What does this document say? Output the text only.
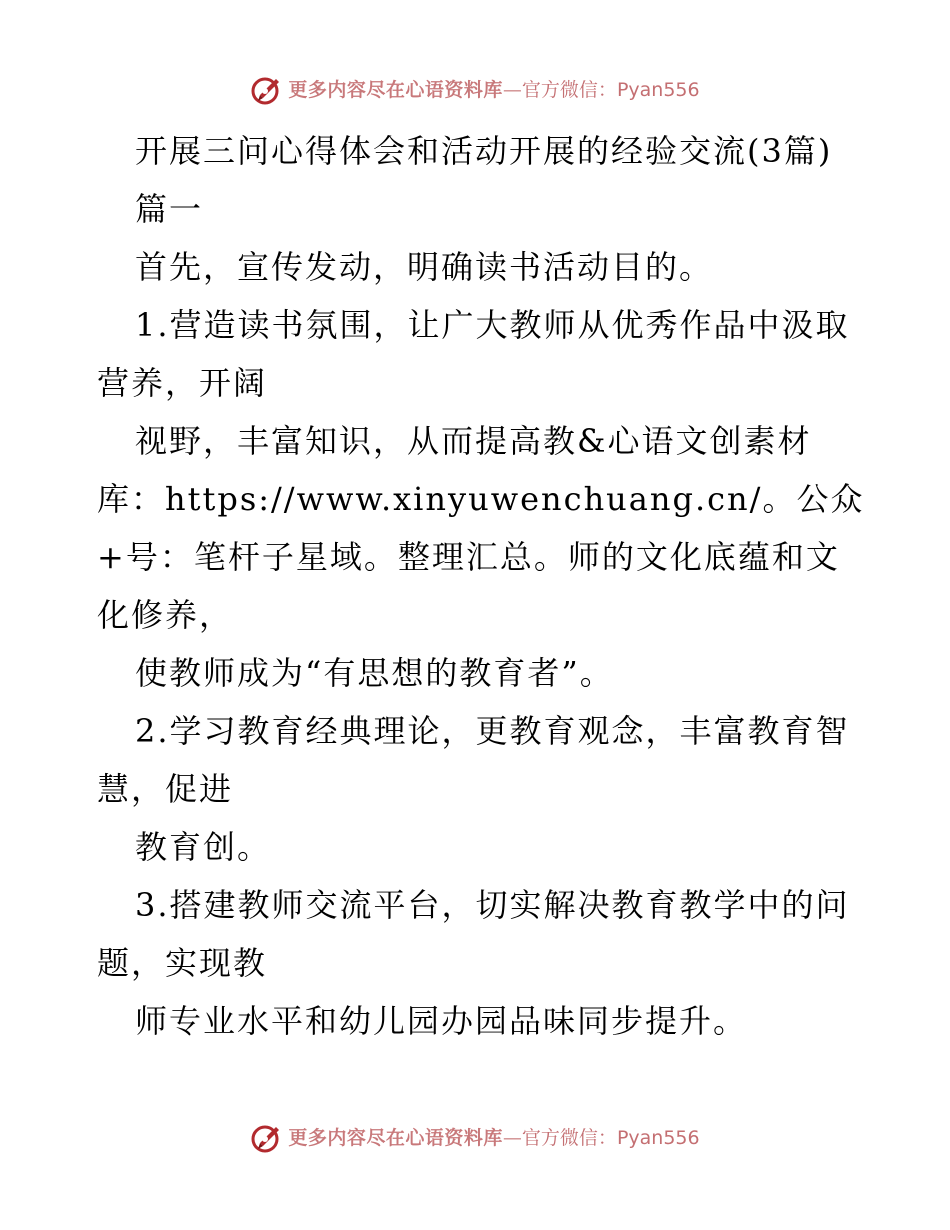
更多内容尽在心语资料库—官方微信：Pyan556

开展三问心得体会和活动开展的经验交流(3篇)

篇一

首先，宣传发动，明确读书活动目的。

1.营造读书氛围，让广大教师从优秀作品中汲取营养，开阔

视野，丰富知识，从而提高教&心语文创素材库：https://www.xinyuwenchuang.cn/。公众+号：笔杆子星域。整理汇总。师的文化底蕴和文化修养，

使教师成为“有思想的教育者”。

2.学习教育经典理论，更教育观念，丰富教育智慧，促进

教育创。

3.搭建教师交流平台，切实解决教育教学中的问题，实现教

师专业水平和幼儿园办园品味同步提升。

更多内容尽在心语资料库—官方微信：Pyan556
